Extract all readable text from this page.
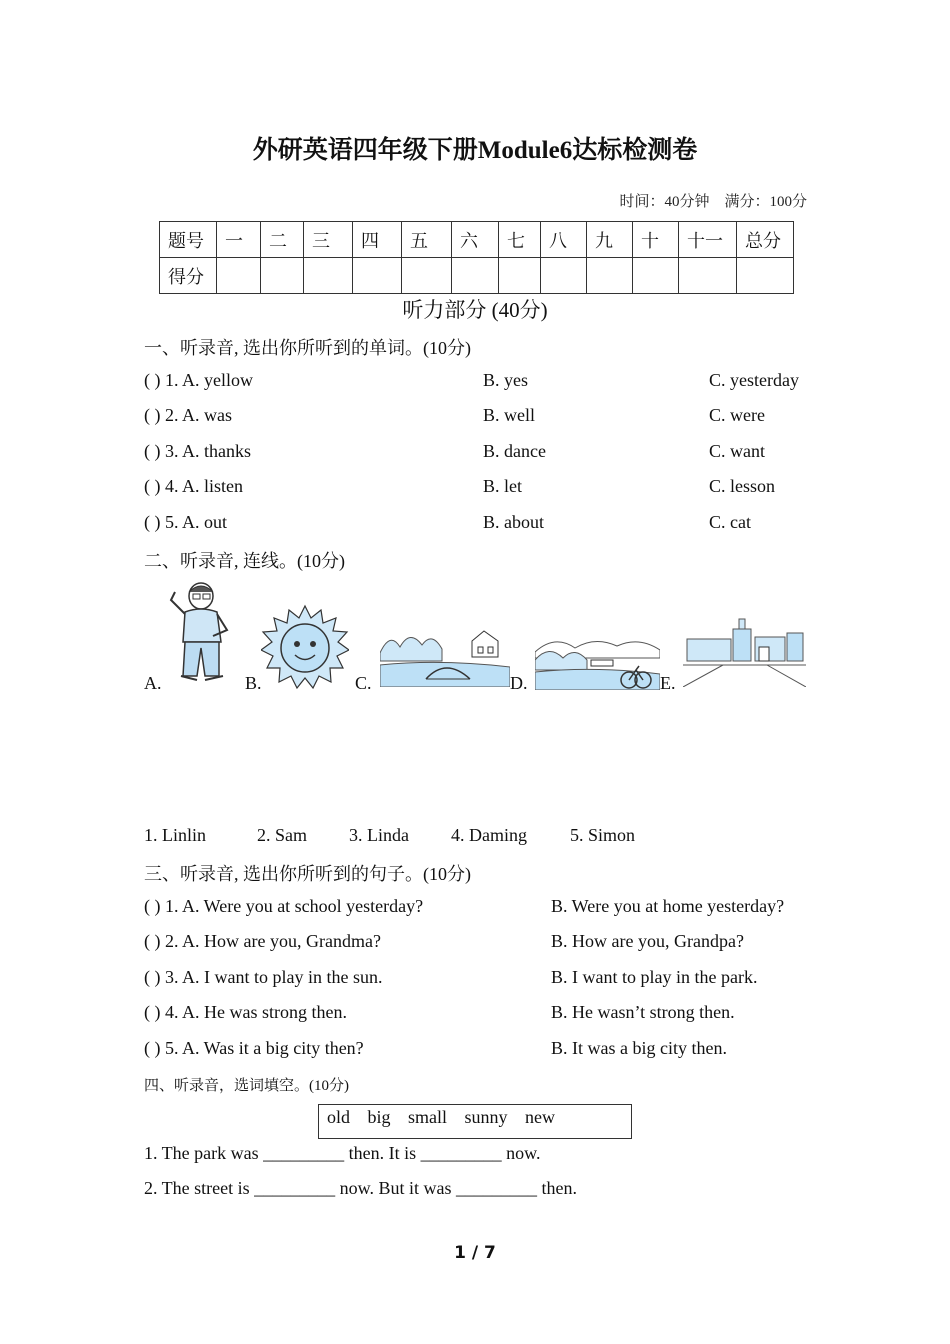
外研英语四年级下册Module6达标检测卷
时间：40分钟　满分：100分
题号	一	二	三	四	五	六	七	八	九	十	十一	总分
得分												
听力部分 (40分)
一、听录音, 选出你所听到的单词。(10分)
( ) 1. A. yellow	B. yes	C. yesterday
( ) 2. A. was	B. well	C. were
( ) 3. A. thanks	B. dance	C. want
( ) 4. A. listen	B. let	C. lesson
( ) 5. A. out	B. about	C. cat
二、听录音, 连线。(10分)
A.	B.	C.	D.	E.
1. Linlin	2. Sam 3. Linda 4. Daming 5. Simon
三、听录音, 选出你所听到的句子。(10分)
( ) 1. A. Were you at school yesterday?	B. Were you at home yesterday?
( ) 2. A. How are you, Grandma?	B. How are you, Grandpa?
( ) 3. A. I want to play in the sun.	B. I want to play in the park.
( ) 4. A. He was strong then.	B. He wasn’t strong then.
( ) 5. A. Was it a big city then?	B. It was a big city then.
四、听录音，选词填空。(10分)
old big small sunny new
1. The park was _________ then. It is _________ now.
2. The street is _________ now. But it was _________ then.
1 / 7
